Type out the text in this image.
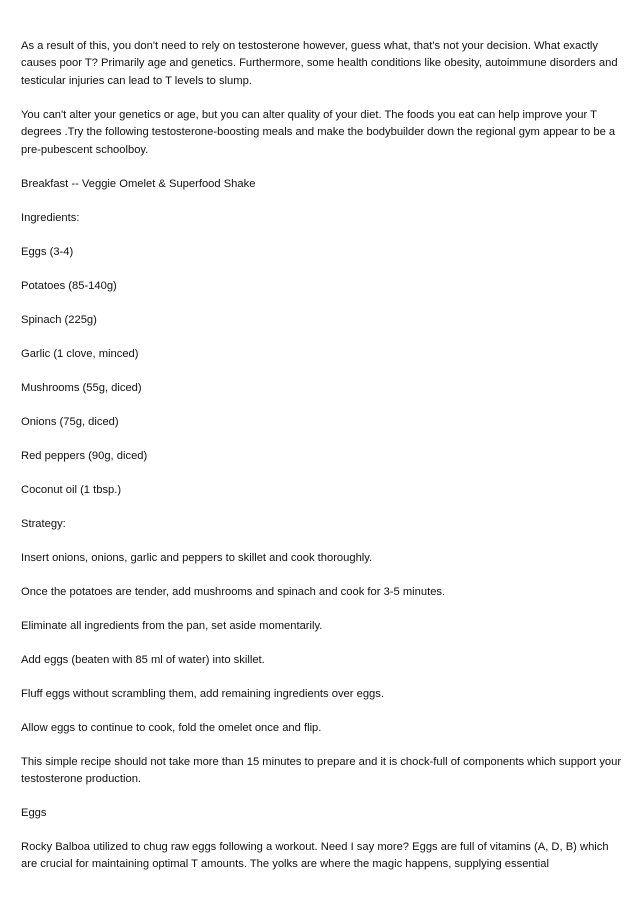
As a result of this, you don't need to rely on testosterone however, guess what, that's not your decision. What exactly causes poor T? Primarily age and genetics. Furthermore, some health conditions like obesity, autoimmune disorders and testicular injuries can lead to T levels to slump.

You can't alter your genetics or age, but you can alter quality of your diet. The foods you eat can help improve your T degrees .Try the following testosterone-boosting meals and make the bodybuilder down the regional gym appear to be a pre-pubescent schoolboy.

Breakfast -- Veggie Omelet & Superfood Shake

Ingredients:

Eggs (3-4)

Potatoes (85-140g)

Spinach (225g)

Garlic (1 clove, minced)

Mushrooms (55g, diced)

Onions (75g, diced)

Red peppers (90g, diced)

Coconut oil (1 tbsp.)

Strategy:

Insert onions, onions, garlic and peppers to skillet and cook thoroughly.

Once the potatoes are tender, add mushrooms and spinach and cook for 3-5 minutes.

Eliminate all ingredients from the pan, set aside momentarily.

Add eggs (beaten with 85 ml of water) into skillet.

Fluff eggs without scrambling them, add remaining ingredients over eggs.

Allow eggs to continue to cook, fold the omelet once and flip.

This simple recipe should not take more than 15 minutes to prepare and it is chock-full of components which support your testosterone production.

Eggs

Rocky Balboa utilized to chug raw eggs following a workout. Need I say more? Eggs are full of vitamins (A, D, B) which are crucial for maintaining optimal T amounts. The yolks are where the magic happens, supplying essential
